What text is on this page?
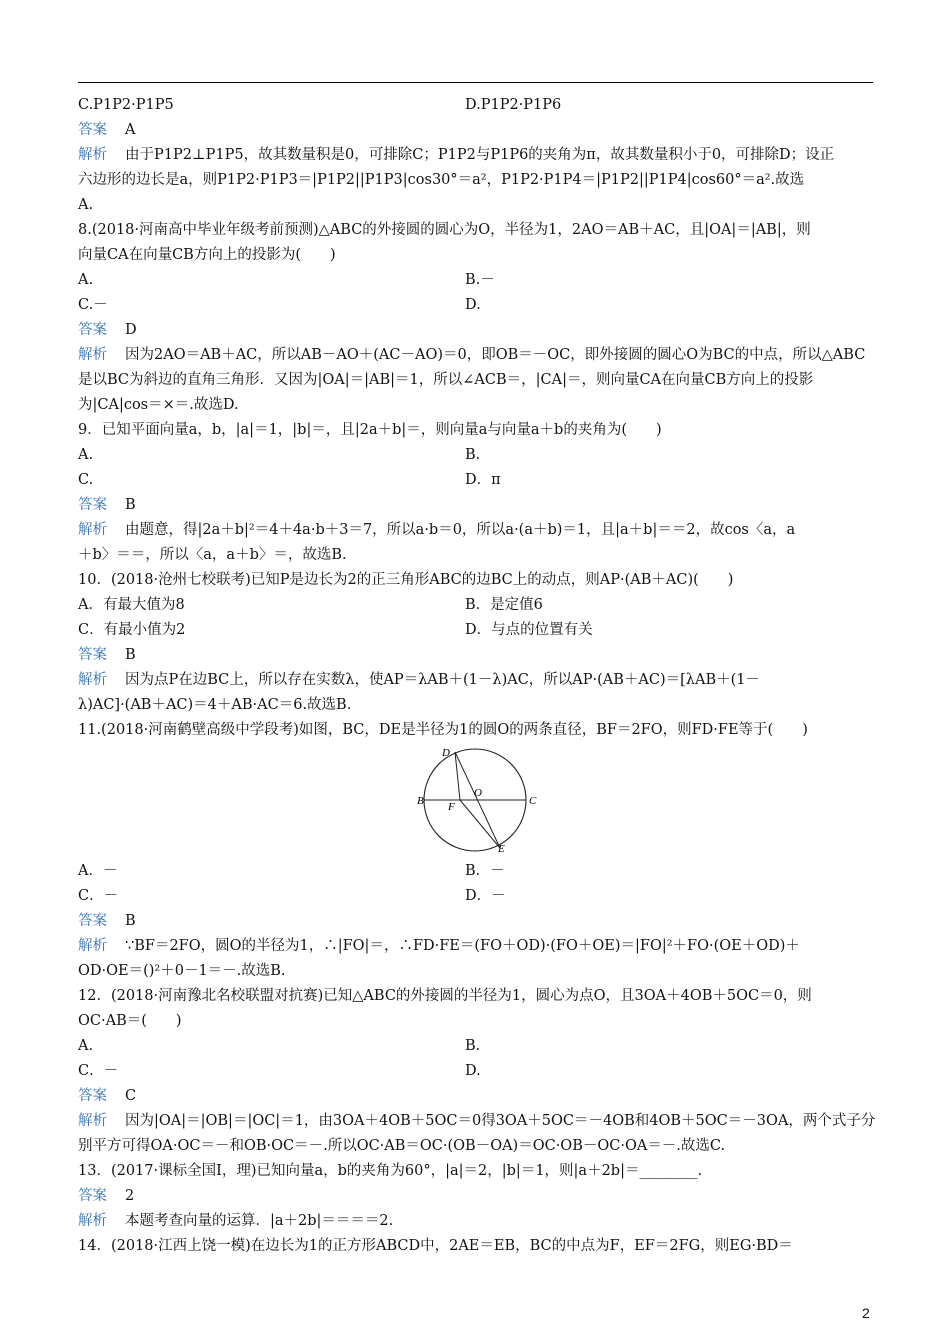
C.P1P2·P1P5	D.P1P2·P1P6
答案 A
解析 由于P1P2⊥P1P5，故其数量积是0，可排除C；P1P2与P1P6的夹角为π，故其数量积小于0，可排除D；设正
六边形的边长是a，则P1P2·P1P3＝|P1P2||P1P3|cos30°＝a²，P1P2·P1P4＝|P1P2||P1P4|cos60°＝a².故选
A.
8.(2018·河南高中毕业年级考前预测)△ABC的外接圆的圆心为O，半径为1，2AO＝AB＋AC，且|OA|＝|AB|，则
向量CA在向量CB方向上的投影为(　　)
A.	B.－
C.－	D.
答案 D
解析 因为2AO＝AB＋AC，所以AB－AO＋(AC－AO)＝0，即OB＝－OC，即外接圆的圆心O为BC的中点，所以△ABC
是以BC为斜边的直角三角形．又因为|OA|＝|AB|＝1，所以∠ACB＝，|CA|＝，则向量CA在向量CB方向上的投影
为|CA|cos＝×＝.故选D.
9．已知平面向量a，b，|a|＝1，|b|＝，且|2a＋b|＝，则向量a与向量a＋b的夹角为(　　)
A.	B.
C.	D．π
答案 B
解析 由题意，得|2a＋b|²＝4＋4a·b＋3＝7，所以a·b＝0，所以a·(a＋b)＝1，且|a＋b|＝＝2，故cos〈a，a
＋b〉＝＝，所以〈a，a＋b〉＝，故选B.
10．(2018·沧州七校联考)已知P是边长为2的正三角形ABC的边BC上的动点，则AP·(AB＋AC)(　　)
A．有最大值为8	B．是定值6
C．有最小值为2	D．与点的位置有关
答案 B
解析 因为点P在边BC上，所以存在实数λ，使AP＝λAB＋(1－λ)AC，所以AP·(AB＋AC)＝[λAB＋(1－
λ)AC]·(AB＋AC)＝4＋AB·AC＝6.故选B.
11.(2018·河南鹤壁高级中学段考)如图，BC，DE是半径为1的圆O的两条直径，BF＝2FO，则FD·FE等于(　　)
A．－	B．－
C．－	D．－
答案 B
解析 ∵BF＝2FO，圆O的半径为1，∴|FO|＝，∴FD·FE＝(FO＋OD)·(FO＋OE)＝|FO|²＋FO·(OE＋OD)＋
OD·OE＝()²＋0－1＝－.故选B.
12．(2018·河南豫北名校联盟对抗赛)已知△ABC的外接圆的半径为1，圆心为点O，且3OA＋4OB＋5OC＝0，则
OC·AB＝(　　)
A.	B.
C．－	D.
答案 C
解析 因为|OA|＝|OB|＝|OC|＝1，由3OA＋4OB＋5OC＝0得3OA＋5OC＝－4OB和4OB＋5OC＝－3OA，两个式子分
别平方可得OA·OC＝－和OB·OC＝－.所以OC·AB＝OC·(OB－OA)＝OC·OB－OC·OA＝－.故选C.
13．(2017·课标全国Ⅰ，理)已知向量a，b的夹角为60°，|a|＝2，|b|＝1，则|a＋2b|＝________.
答案 2
解析 本题考查向量的运算．|a＋2b|＝＝＝＝2.
14．(2018·江西上饶一模)在边长为1的正方形ABCD中，2AE＝EB，BC的中点为F，EF＝2FG，则EG·BD＝
D
O
B F	C
E
2
